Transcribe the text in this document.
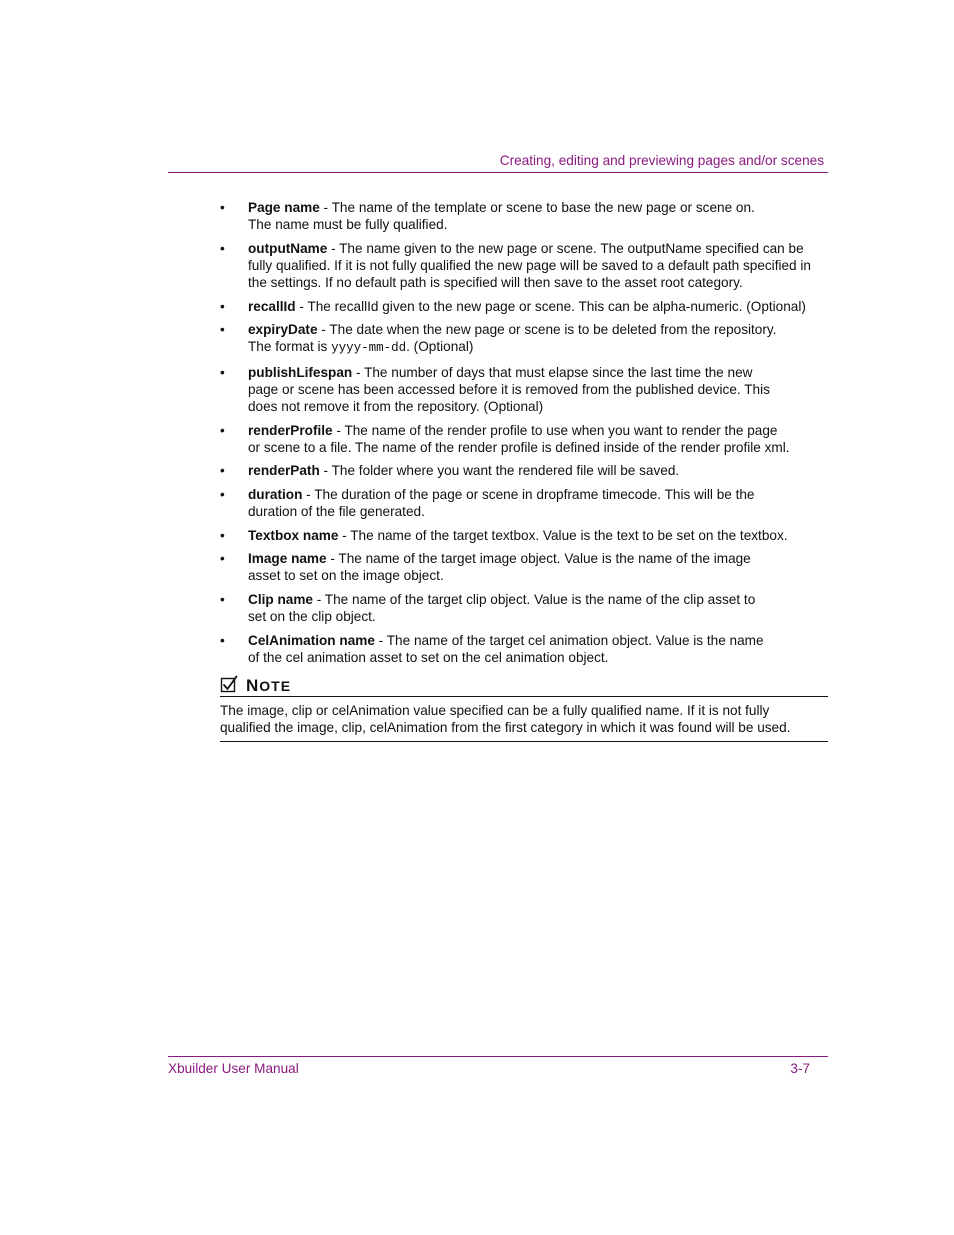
Creating, editing and previewing pages and/or scenes
• Page name - The name of the template or scene to base the new page or scene on.
The name must be fully qualified.
• outputName - The name given to the new page or scene. The outputName specified can be
fully qualified. If it is not fully qualified the new page will be saved to a default path specified in
the settings. If no default path is specified will then save to the asset root category.
• recallId - The recallId given to the new page or scene. This can be alpha-numeric. (Optional)
• expiryDate - The date when the new page or scene is to be deleted from the repository.
The format is yyyy-mm-dd. (Optional)
• publishLifespan - The number of days that must elapse since the last time the new
page or scene has been accessed before it is removed from the published device. This
does not remove it from the repository. (Optional)
• renderProfile - The name of the render profile to use when you want to render the page
or scene to a file. The name of the render profile is defined inside of the render profile xml.
• renderPath - The folder where you want the rendered file will be saved.
• duration - The duration of the page or scene in dropframe timecode. This will be the
duration of the file generated.
• Textbox name - The name of the target textbox. Value is the text to be set on the textbox.
• Image name - The name of the target image object. Value is the name of the image
asset to set on the image object.
• Clip name - The name of the target clip object. Value is the name of the clip asset to
set on the clip object.
• CelAnimation name - The name of the target cel animation object. Value is the name
of the cel animation asset to set on the cel animation object.
NOTE
The image, clip or celAnimation value specified can be a fully qualified name. If it is not fully
qualified the image, clip, celAnimation from the first category in which it was found will be used.
Xbuilder User Manual	3-7
